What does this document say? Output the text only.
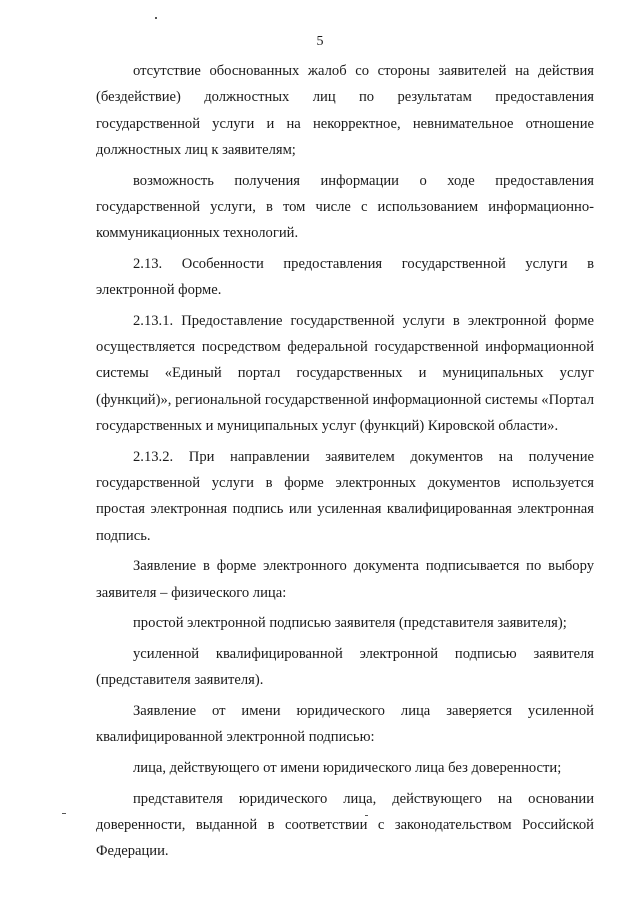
5

отсутствие обоснованных жалоб со стороны заявителей на действия (бездействие) должностных лиц по результатам предоставления государственной услуги и на некорректное, невнимательное отношение должностных лиц к заявителям;

возможность получения информации о ходе предоставления государственной услуги, в том числе с использованием информационно-коммуникационных технологий.

2.13. Особенности предоставления государственной услуги в электронной форме.

2.13.1. Предоставление государственной услуги в электронной форме осуществляется посредством федеральной государственной информационной системы «Единый портал государственных и муниципальных услуг (функций)», региональной государственной информационной системы «Портал государственных и муниципальных услуг (функций) Кировской области».

2.13.2. При направлении заявителем документов на получение государственной услуги в форме электронных документов используется простая электронная подпись или усиленная квалифицированная электронная подпись.

Заявление в форме электронного документа подписывается по выбору заявителя – физического лица:

простой электронной подписью заявителя (представителя заявителя);

усиленной квалифицированной электронной подписью заявителя (представителя заявителя).

Заявление от имени юридического лица заверяется усиленной квалифицированной электронной подписью:

лица, действующего от имени юридического лица без доверенности;

представителя юридического лица, действующего на основании доверенности, выданной в соответствии с законодательством Российской Федерации.
